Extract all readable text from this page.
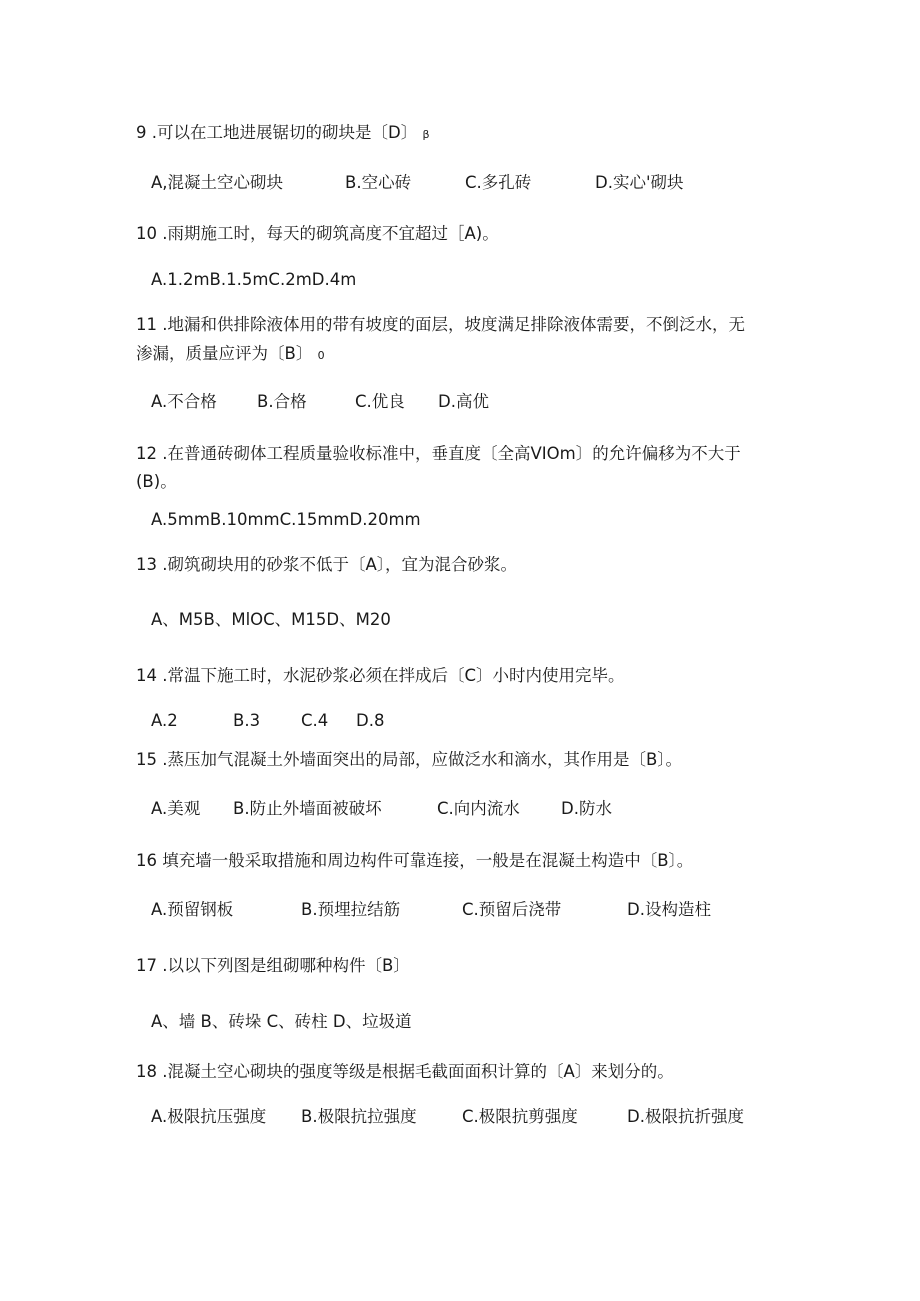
9 .可以在工地进展锯切的砌块是〔D〕 β
A,混凝土空心砌块	B.空心砖	C.多孔砖	D.实心'砌块
10 .雨期施工时，每天的砌筑高度不宜超过［A)。
A.1.2mB.1.5mC.2mD.4m
11 .地漏和供排除液体用的带有坡度的面层，坡度满足排除液体需要，不倒泛水，无
渗漏，质量应评为〔B〕 0
A.不合格 B.合格	C.优良 D.高优
12 .在普通砖砌体工程质量验收标准中，垂直度〔全高VIOm〕的允许偏移为不大于
(B)。
A.5mmB.10mmC.15mmD.20mm
13 .砌筑砌块用的砂浆不低于〔A〕，宜为混合砂浆。
A、M5B、MlOC、M15D、M20
14 .常温下施工时，水泥砂浆必须在拌成后〔C〕小时内使用完毕。
A.2	B.3 C.4 D.8
15 .蒸压加气混凝土外墙面突出的局部，应做泛水和滴水，其作用是〔B〕。
A.美观 B.防止外墙面被破坏	C.向内流水 D.防水
16 填充墙一般采取措施和周边构件可靠连接，一般是在混凝土构造中〔B〕。
A.预留钢板	B.预埋拉结筋	C.预留后浇带	D.设构造柱
17 .以以下列图是组砌哪种构件〔B〕
A、墙 B、砖垛 C、砖柱 D、垃圾道
18 .混凝土空心砌块的强度等级是根据毛截面面积计算的〔A〕来划分的。
A.极限抗压强度 B.极限抗拉强度	C.极限抗剪强度	D.极限抗折强度
